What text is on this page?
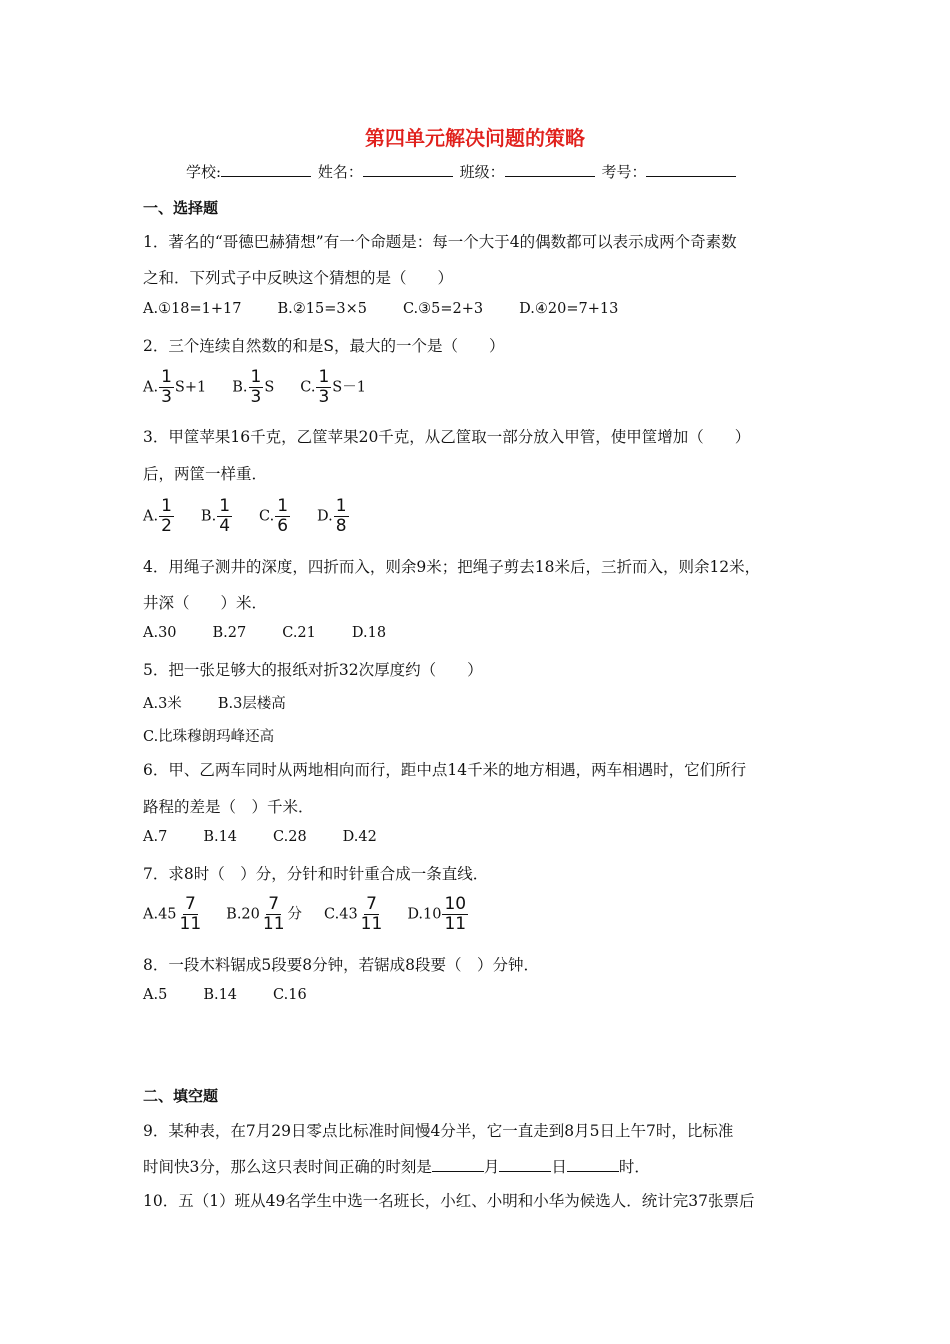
第四单元解决问题的策略
学校:	姓名：	班级：	考号：
一、选择题
1．著名的“哥德巴赫猜想”有一个命题是：每一个大于4的偶数都可以表示成两个奇素数
之和．下列式子中反映这个猜想的是（　　）
A.①18=1+17 B.②15=3×5 C.③5=2+3 D.④20=7+13
2．三个连续自然数的和是S，最大的一个是（　　）
A. $\frac{1}{3} S+1$ B. $\frac{1}{3}$ S C. $\frac{1}{3} S-1$
3．甲筐苹果16千克，乙筐苹果20千克，从乙筐取一部分放入甲管，使甲筐增加（　　）
后，两筐一样重．
A. $\frac{1}{2} B$. $\frac{1}{4} C$. $\frac{1}{6} D$. $\frac{1}{8}$
4．用绳子测井的深度，四折而入，则余9米；把绳子剪去18米后，三折而入，则余12米，
井深（　　）米．
A.30 B.27 C.21 D.18
5．把一张足够大的报纸对折32次厚度约（　　）
A.3米 B.3层楼高
C.比珠穆朗玛峰还高
6．甲、乙两车同时从两地相向而行，距中点14千米的地方相遇，两车相遇时，它们所行
路程的差是（　）千米．
A.7 B.14 C.28 D.42
7．求8时（　）分，分针和时针重合成一条直线．
$A.45 \frac{7}{11} B.20 \frac{7}{11}$ 分 $C.43 \frac{7}{11} D.10 \frac{10}{11}$
8．一段木料锯成5段要8分钟，若锯成8段要（　）分钟．
A.5 B.14 C.16
二、填空题
9．某种表，在7月29日零点比标准时间慢4分半，它一直走到8月5日上午7时，比标准
时间快3分，那么这只表时间正确的时刻是	月	日	时．
10．五（1）班从49名学生中选一名班长，小红、小明和小华为候选人．统计完37张票后
